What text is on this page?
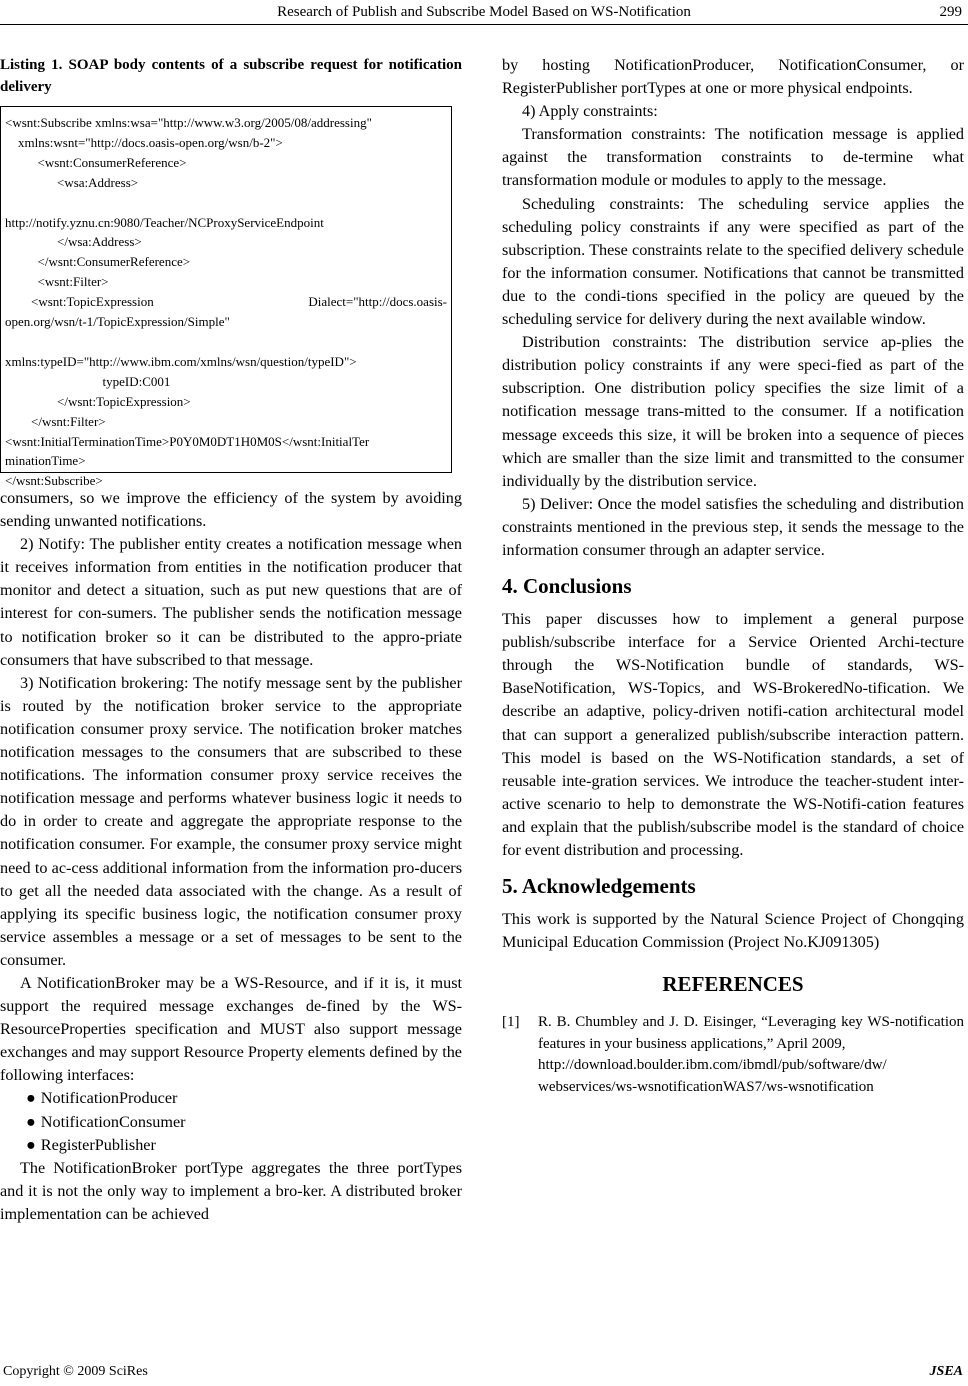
Research of Publish and Subscribe Model Based on WS-Notification	299
Listing 1. SOAP body contents of a subscribe request for notification delivery
<wsnt:Subscribe xmlns:wsa="http://www.w3.org/2005/08/addressing"
xmlns:wsnt="http://docs.oasis-open.org/wsn/b-2">
<wsnt:ConsumerReference>
<wsa:Address>

http://notify.yznu.cn:9080/Teacher/NCProxyServiceEndpoint
</wsa:Address>
</wsnt:ConsumerReference>
<wsnt:Filter>
<wsnt:TopicExpression	Dialect="http://docs.oasis-
open.org/wsn/t-1/TopicExpression/Simple"

xmlns:typeID="http://www.ibm.com/xmlns/wsn/question/typeID">
typeID:C001
</wsnt:TopicExpression>
</wsnt:Filter>
<wsnt:InitialTerminationTime>P0Y0M0DT1H0M0S</wsnt:InitialTer
minationTime>
</wsnt:Subscribe>

consumers, so we improve the efficiency of the system by avoiding sending unwanted notifications.

2) Notify: The publisher entity creates a notification message when it receives information from entities in the notification producer that monitor and detect a situation, such as put new questions that are of interest for con-sumers. The publisher sends the notification message to notification broker so it can be distributed to the appro-priate consumers that have subscribed to that message.

3) Notification brokering: The notify message sent by the publisher is routed by the notification broker service to the appropriate notification consumer proxy service. The notification broker matches notification messages to the consumers that are subscribed to these notifications. The information consumer proxy service receives the notification message and performs whatever business logic it needs to do in order to create and aggregate the appropriate response to the notification consumer. For example, the consumer proxy service might need to ac-cess additional information from the information pro-ducers to get all the needed data associated with the change. As a result of applying its specific business logic, the notification consumer proxy service assembles a message or a set of messages to be sent to the consumer.

A NotificationBroker may be a WS-Resource, and if it is, it must support the required message exchanges de-fined by the WS-ResourceProperties specification and MUST also support message exchanges and may support Resource Property elements defined by the following interfaces:

● NotificationProducer
● NotificationConsumer
● RegisterPublisher

The NotificationBroker portType aggregates the three portTypes and it is not the only way to implement a bro-ker. A distributed broker implementation can be achieved

by hosting NotificationProducer, NotificationConsumer, or RegisterPublisher portTypes at one or more physical endpoints.

4) Apply constraints:

Transformation constraints: The notification message is applied against the transformation constraints to de-termine what transformation module or modules to apply to the message.

Scheduling constraints: The scheduling service applies the scheduling policy constraints if any were specified as part of the subscription. These constraints relate to the specified delivery schedule for the information consumer. Notifications that cannot be transmitted due to the condi-tions specified in the policy are queued by the scheduling service for delivery during the next available window.

Distribution constraints: The distribution service ap-plies the distribution policy constraints if any were speci-fied as part of the subscription. One distribution policy specifies the size limit of a notification message trans-mitted to the consumer. If a notification message exceeds this size, it will be broken into a sequence of pieces which are smaller than the size limit and transmitted to the consumer individually by the distribution service.

5) Deliver: Once the model satisfies the scheduling and distribution constraints mentioned in the previous step, it sends the message to the information consumer through an adapter service.

4. Conclusions

This paper discusses how to implement a general purpose publish/subscribe interface for a Service Oriented Archi-tecture through the WS-Notification bundle of standards, WS-BaseNotification, WS-Topics, and WS-BrokeredNo-tification. We describe an adaptive, policy-driven notifi-cation architectural model that can support a generalized publish/subscribe interaction pattern. This model is based on the WS-Notification standards, a set of reusable inte-gration services. We introduce the teacher-student inter-active scenario to help to demonstrate the WS-Notifi-cation features and explain that the publish/subscribe model is the standard of choice for event distribution and processing.

5. Acknowledgements

This work is supported by the Natural Science Project of Chongqing Municipal Education Commission (Project No.KJ091305)

REFERENCES
[1] R. B. Chumbley and J. D. Eisinger, “Leveraging key WS-notification features in your business applications,” April 2009,
http://download.boulder.ibm.com/ibmdl/pub/software/dw/ webservices/ws-wsnotificationWAS7/ws-wsnotification
Copyright © 2009 SciRes	JSEA
